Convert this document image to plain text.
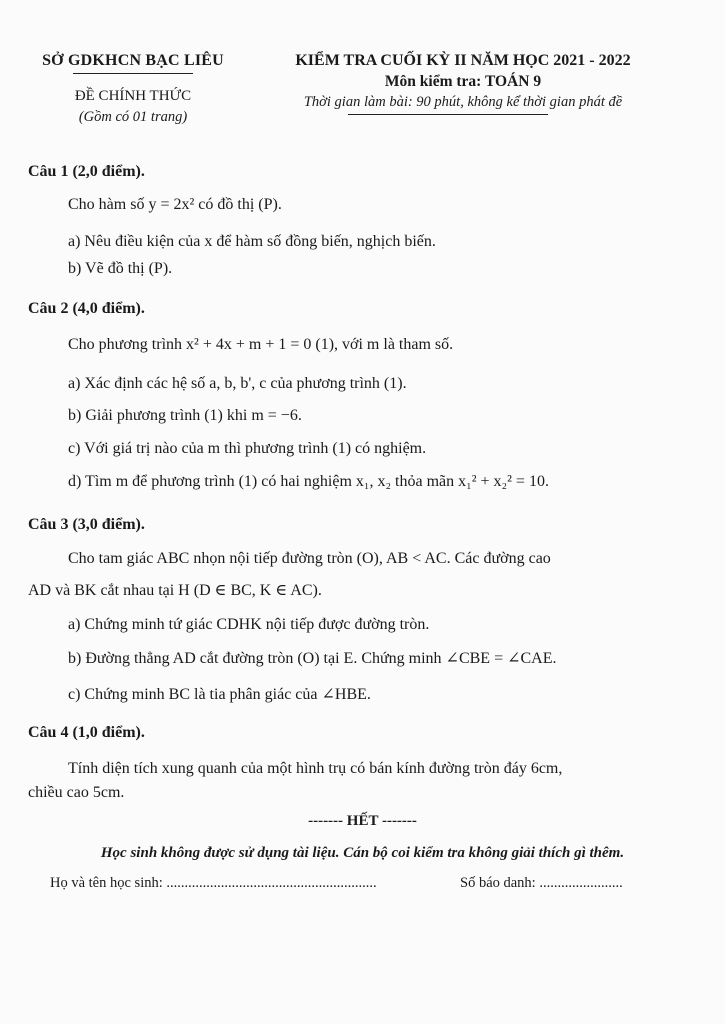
SỞ GDKHCN BẠC LIÊU
ĐỀ CHÍNH THỨC
(Gồm có 01 trang)
KIỂM TRA CUỐI KỲ II NĂM HỌC 2021 - 2022
Môn kiểm tra: TOÁN 9
Thời gian làm bài: 90 phút, không kể thời gian phát đề
Câu 1 (2,0 điểm).
Cho hàm số y = 2x² có đồ thị (P).
a) Nêu điều kiện của x để hàm số đồng biến, nghịch biến.
b) Vẽ đồ thị (P).
Câu 2 (4,0 điểm).
Cho phương trình x² + 4x + m + 1 = 0 (1), với m là tham số.
a) Xác định các hệ số a, b, b', c của phương trình (1).
b) Giải phương trình (1) khi m = −6.
c) Với giá trị nào của m thì phương trình (1) có nghiệm.
d) Tìm m để phương trình (1) có hai nghiệm x₁, x₂ thỏa mãn x₁² + x₂² = 10.
Câu 3 (3,0 điểm).
Cho tam giác ABC nhọn nội tiếp đường tròn (O), AB < AC. Các đường cao
AD và BK cắt nhau tại H (D ∈ BC, K ∈ AC).
a) Chứng minh tứ giác CDHK nội tiếp được đường tròn.
b) Đường thẳng AD cắt đường tròn (O) tại E. Chứng minh ∠CBE = ∠CAE.
c) Chứng minh BC là tia phân giác của ∠HBE.
Câu 4 (1,0 điểm).
Tính diện tích xung quanh của một hình trụ có bán kính đường tròn đáy 6cm,
chiều cao 5cm.
------- HẾT -------
Học sinh không được sử dụng tài liệu. Cán bộ coi kiểm tra không giải thích gì thêm.
Họ và tên học sinh: ..........................................................	Số báo danh: .......................
